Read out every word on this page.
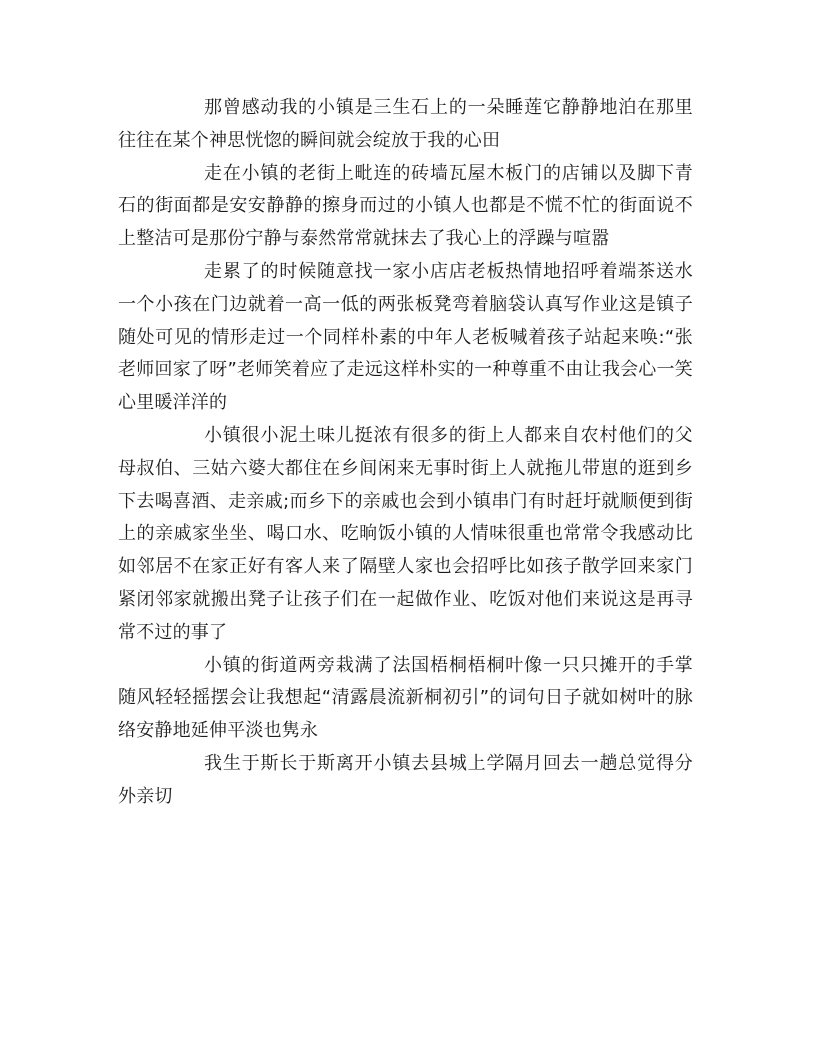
那曾感动我的小镇是三生石上的一朵睡莲它静静地泊在那里往往在某个神思恍惚的瞬间就会绽放于我的心田

走在小镇的老街上毗连的砖墙瓦屋木板门的店铺以及脚下青石的街面都是安安静静的擦身而过的小镇人也都是不慌不忙的街面说不上整洁可是那份宁静与泰然常常就抹去了我心上的浮躁与喧嚣

走累了的时候随意找一家小店店老板热情地招呼着端茶送水一个小孩在门边就着一高一低的两张板凳弯着脑袋认真写作业这是镇子随处可见的情形走过一个同样朴素的中年人老板喊着孩子站起来唤:“张老师回家了呀”老师笑着应了走远这样朴实的一种尊重不由让我会心一笑心里暖洋洋的

小镇很小泥土味儿挺浓有很多的街上人都来自农村他们的父母叔伯、三姑六婆大都住在乡间闲来无事时街上人就拖儿带崽的逛到乡下去喝喜酒、走亲戚;而乡下的亲戚也会到小镇串门有时赶圩就顺便到街上的亲戚家坐坐、喝口水、吃晌饭小镇的人情味很重也常常令我感动比如邻居不在家正好有客人来了隔壁人家也会招呼比如孩子散学回来家门紧闭邻家就搬出凳子让孩子们在一起做作业、吃饭对他们来说这是再寻常不过的事了

小镇的街道两旁栽满了法国梧桐梧桐叶像一只只摊开的手掌随风轻轻摇摆会让我想起“清露晨流新桐初引”的词句日子就如树叶的脉络安静地延伸平淡也隽永

我生于斯长于斯离开小镇去县城上学隔月回去一趟总觉得分外亲切
